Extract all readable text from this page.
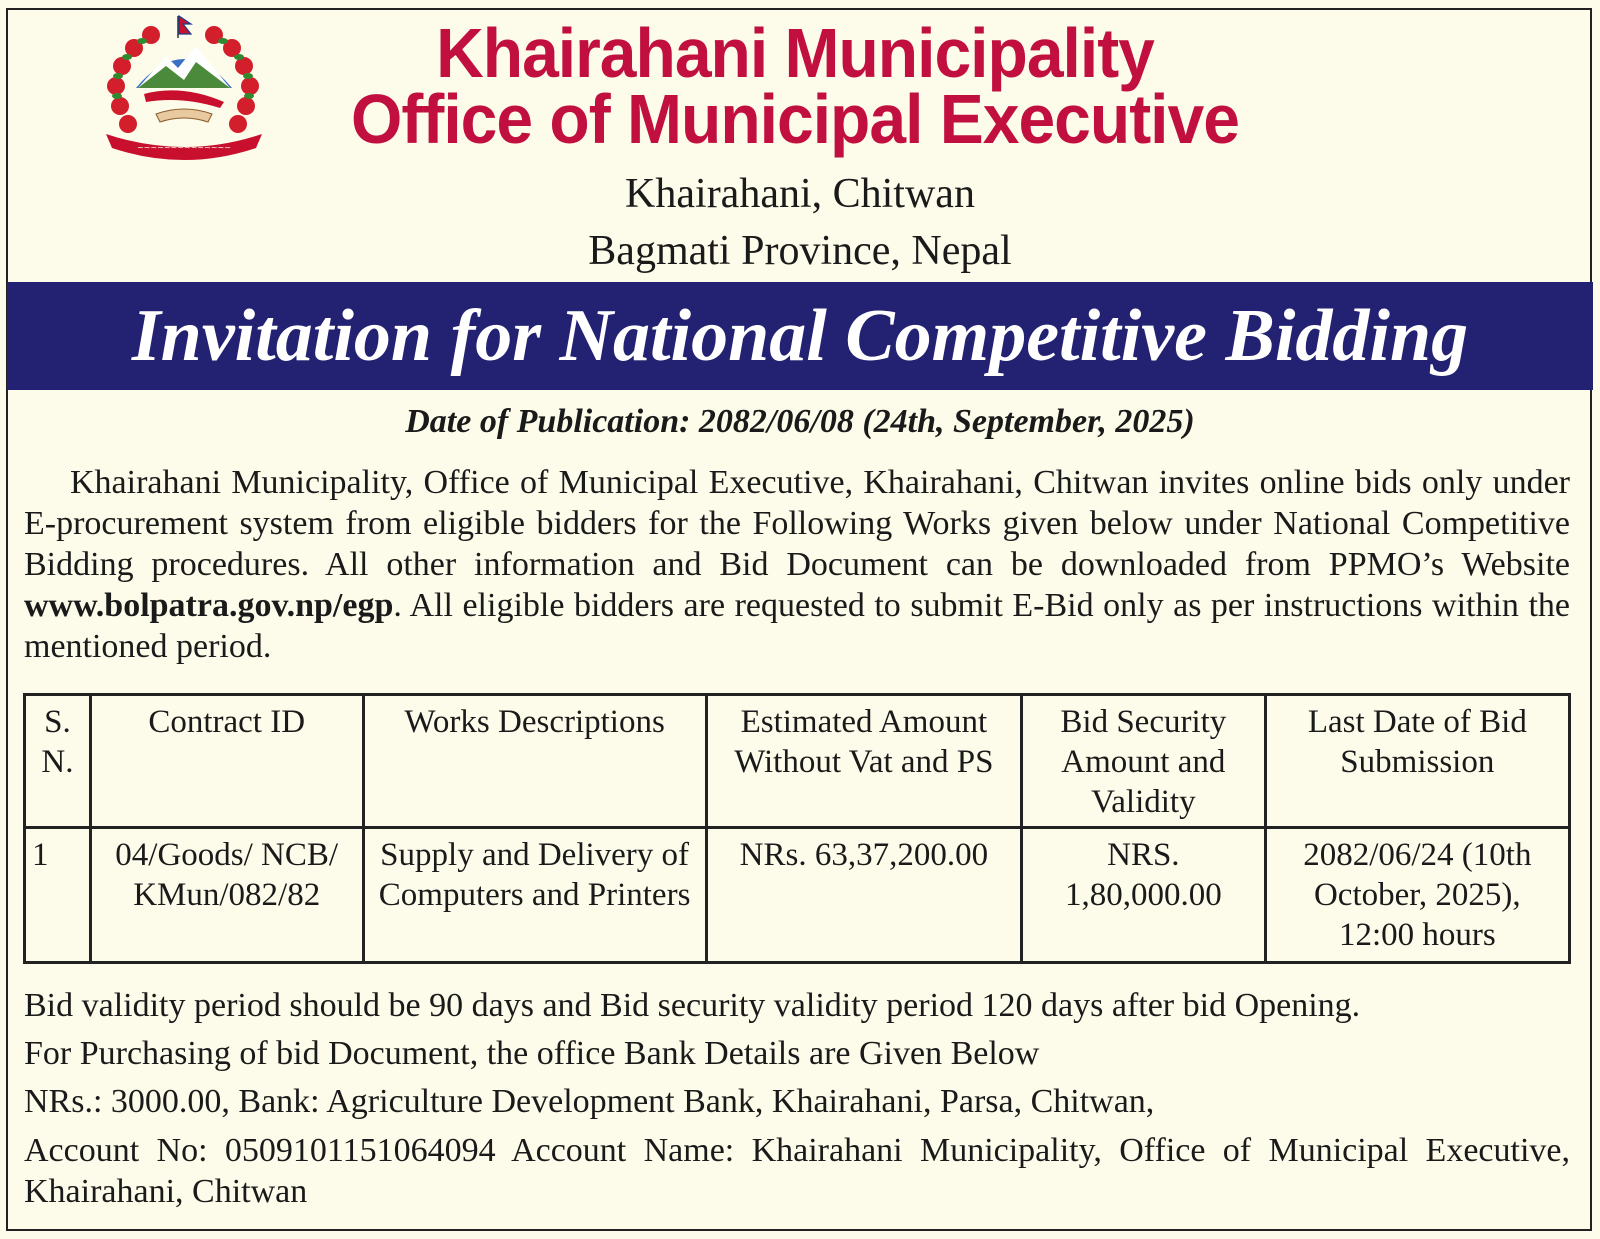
~~~~~~~~~~~~~~
Khairahani Municipality
Office of Municipal Executive
Khairahani, Chitwan
Bagmati Province, Nepal
Invitation for National Competitive Bidding
Date of Publication: 2082/06/08 (24th, September, 2025)
Khairahani Municipality, Office of Municipal Executive, Khairahani, Chitwan invites online bids only under E-procurement system from eligible bidders for the Following Works given below under National Competitive Bidding procedures. All other information and Bid Document can be downloaded from PPMO’s Website www.bolpatra.gov.np/egp. All eligible bidders are requested to submit E-Bid only as per instructions within the mentioned period.
S. N.	Contract ID	Works Descriptions	Estimated Amount Without Vat and PS	Bid Security Amount and Validity	Last Date of Bid Submission
1	04/Goods/ NCB/ KMun/082/82	Supply and Delivery of Computers and Printers	NRs. 63,37,200.00	NRS. 1,80,000.00	2082/06/24 (10th October, 2025), 12:00 hours

Bid validity period should be 90 days and Bid security validity period 120 days after bid Opening.

For Purchasing of bid Document, the office Bank Details are Given Below

NRs.: 3000.00, Bank: Agriculture Development Bank, Khairahani, Parsa, Chitwan,

Account No: 0509101151064094 Account Name: Khairahani Municipality, Office of Municipal Executive, Khairahani, Chitwan
